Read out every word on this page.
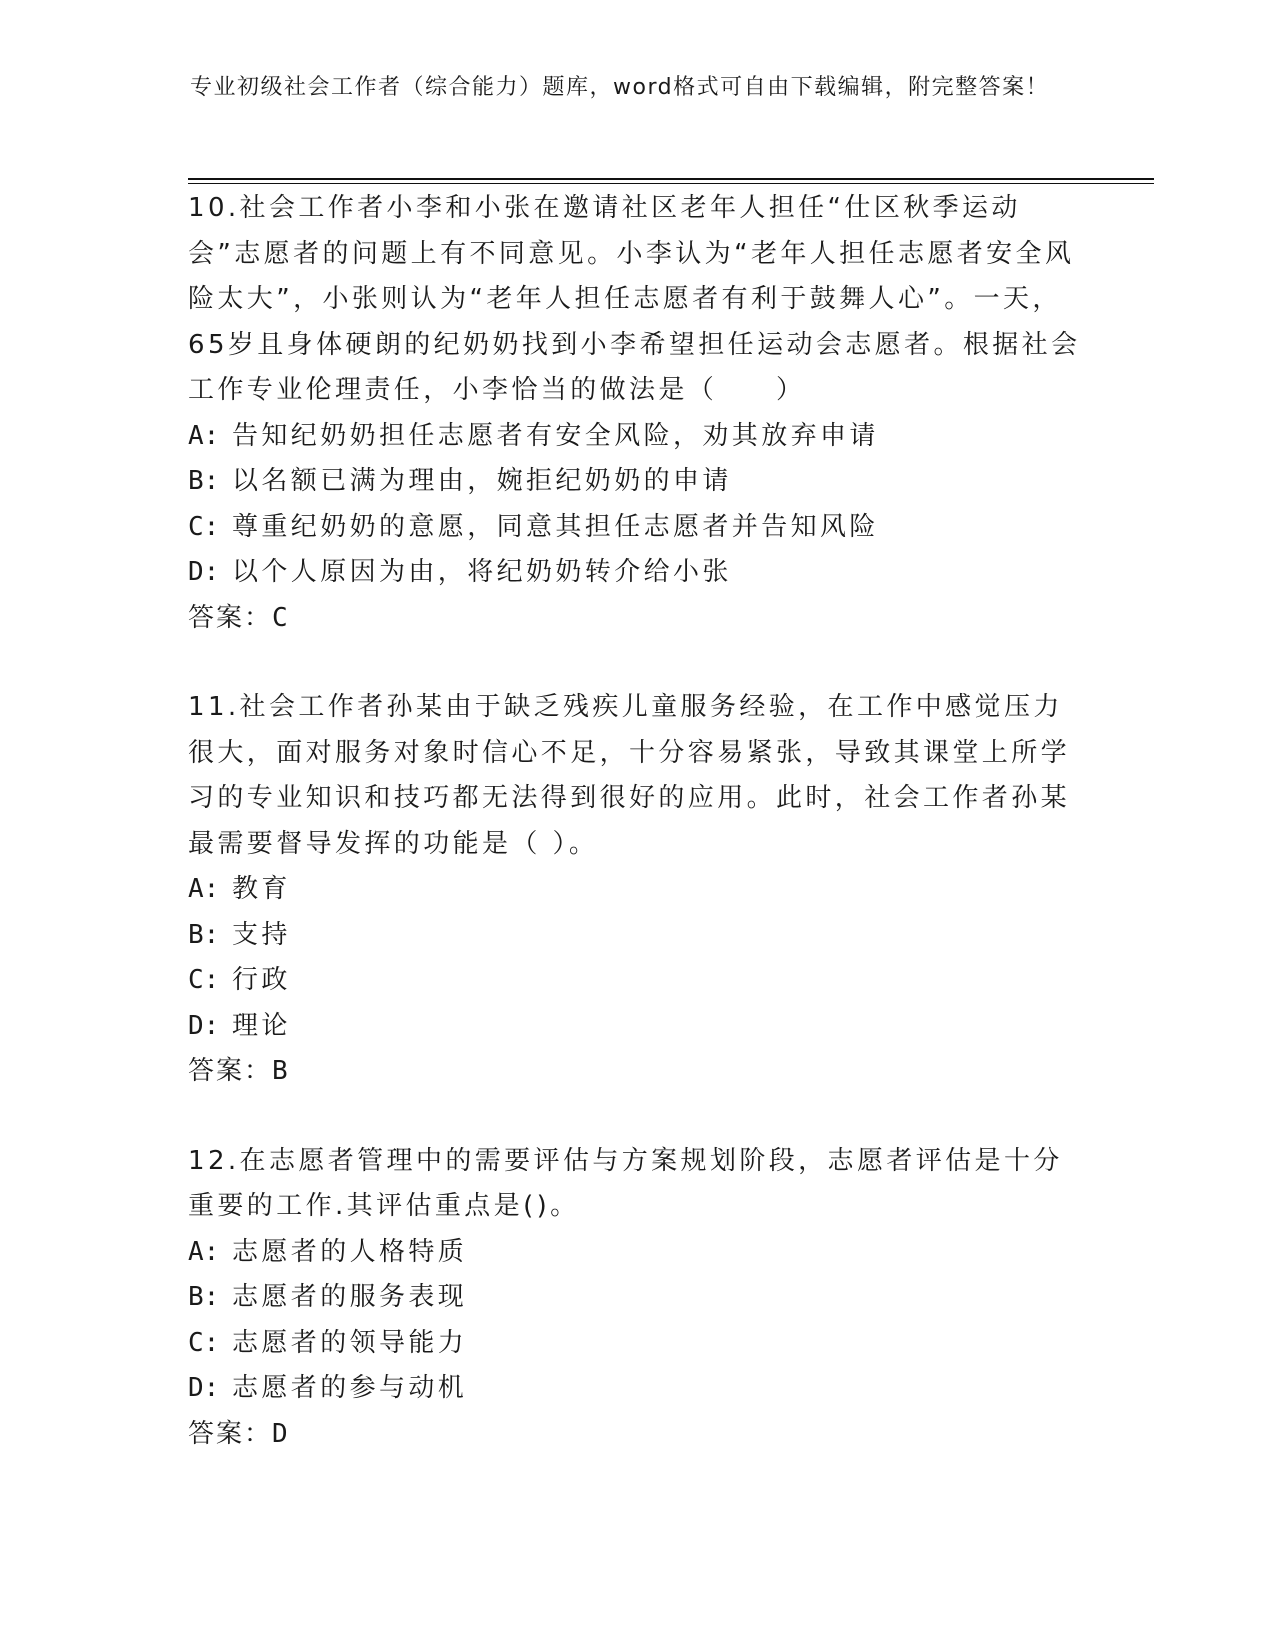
专业初级社会工作者（综合能力）题库，word格式可自由下载编辑，附完整答案！

10.社会工作者小李和小张在邀请社区老年人担任“仕区秋季运动会”志愿者的问题上有不同意见。小李认为“老年人担任志愿者安全风险太大”，小张则认为“老年人担任志愿者有利于鼓舞人心”。一天，65岁且身体硬朗的纪奶奶找到小李希望担任运动会志愿者。根据社会工作专业伦理责任，小李恰当的做法是（　　）

A: 告知纪奶奶担任志愿者有安全风险，劝其放弃申请

B: 以名额已满为理由，婉拒纪奶奶的申请

C: 尊重纪奶奶的意愿，同意其担任志愿者并告知风险

D: 以个人原因为由，将纪奶奶转介给小张

答案：C

11.社会工作者孙某由于缺乏残疾儿童服务经验，在工作中感觉压力很大，面对服务对象时信心不足，十分容易紧张，导致其课堂上所学习的专业知识和技巧都无法得到很好的应用。此时，社会工作者孙某最需要督导发挥的功能是（ ）。

A: 教育

B: 支持

C: 行政

D: 理论

答案：B

12.在志愿者管理中的需要评估与方案规划阶段，志愿者评估是十分重要的工作.其评估重点是()。

A: 志愿者的人格特质

B: 志愿者的服务表现

C: 志愿者的领导能力

D: 志愿者的参与动机

答案：D
